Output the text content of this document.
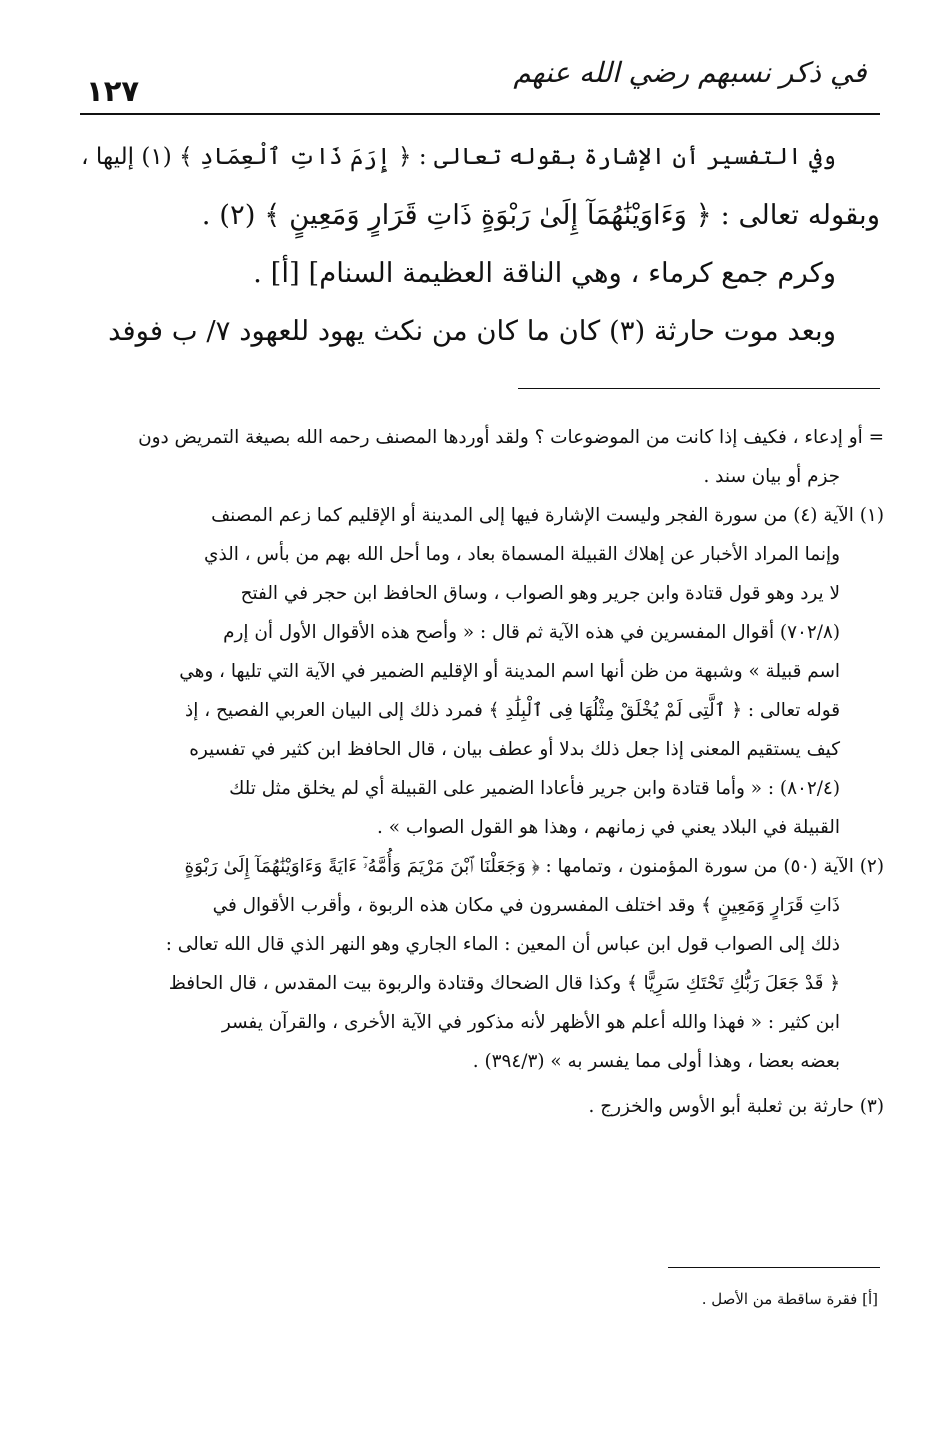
١٢٧
في ذكر نسبهم رضي الله عنهم
وفي التفسير أن الإشارة بقوله تعالى : ﴿ إِرَمَ ذَاتِ ٱلْعِمَادِ ﴾ (١) إليها ،
وبقوله تعالى : ﴿ وَءَاوَيْنَٰهُمَآ إِلَىٰ رَبْوَةٍ ذَاتِ قَرَارٍ وَمَعِينٍ ﴾ (٢) .
وكرم جمع كرماء ، وهي الناقة العظيمة السنام] [أ] .
وبعد موت حارثة (٣) كان ما كان من نكث يهود للعهود ٧/ ب فوفد
= أو إدعاء ، فكيف إذا كانت من الموضوعات ؟ ولقد أوردها المصنف رحمه الله بصيغة التمريض دون
جزم أو بيان سند .
(١) الآية (٤) من سورة الفجر وليست الإشارة فيها إلى المدينة أو الإقليم كما زعم المصنف
وإنما المراد الأخبار عن إهلاك القبيلة المسماة بعاد ، وما أحل الله بهم من بأس ، الذي
لا يرد وهو قول قتادة وابن جرير وهو الصواب ، وساق الحافظ ابن حجر في الفتح
(٧٠٢/٨) أقوال المفسرين في هذه الآية ثم قال : « وأصح هذه الأقوال الأول أن إرم
اسم قبيلة » وشبهة من ظن أنها اسم المدينة أو الإقليم الضمير في الآية التي تليها ، وهي
قوله تعالى : ﴿ ٱلَّتِى لَمْ يُخْلَقْ مِثْلُهَا فِى ٱلْبِلَٰدِ ﴾ فمرد ذلك إلى البيان العربي الفصيح ، إذ
كيف يستقيم المعنى إذا جعل ذلك بدلا أو عطف بيان ، قال الحافظ ابن كثير في تفسيره
(٨٠٢/٤) : « وأما قتادة وابن جرير فأعادا الضمير على القبيلة أي لم يخلق مثل تلك
القبيلة في البلاد يعني في زمانهم ، وهذا هو القول الصواب » .
(٢) الآية (٥٠) من سورة المؤمنون ، وتمامها : ﴿ وَجَعَلْنَا ٱبْنَ مَرْيَمَ وَأُمَّهُۥٓ ءَايَةً وَءَاوَيْنَٰهُمَآ إِلَىٰ رَبْوَةٍ
ذَاتِ قَرَارٍ وَمَعِينٍ ﴾ وقد اختلف المفسرون في مكان هذه الربوة ، وأقرب الأقوال في
ذلك إلى الصواب قول ابن عباس أن المعين : الماء الجاري وهو النهر الذي قال الله تعالى :
﴿ قَدْ جَعَلَ رَبُّكِ تَحْتَكِ سَرِيًّا ﴾ وكذا قال الضحاك وقتادة والربوة بيت المقدس ، قال الحافظ
ابن كثير : « فهذا والله أعلم هو الأظهر لأنه مذكور في الآية الأخرى ، والقرآن يفسر
بعضه بعضا ، وهذا أولى مما يفسر به » (٣٩٤/٣) .
(٣) حارثة بن ثعلبة أبو الأوس والخزرج .
[أ] فقرة ساقطة من الأصل .
